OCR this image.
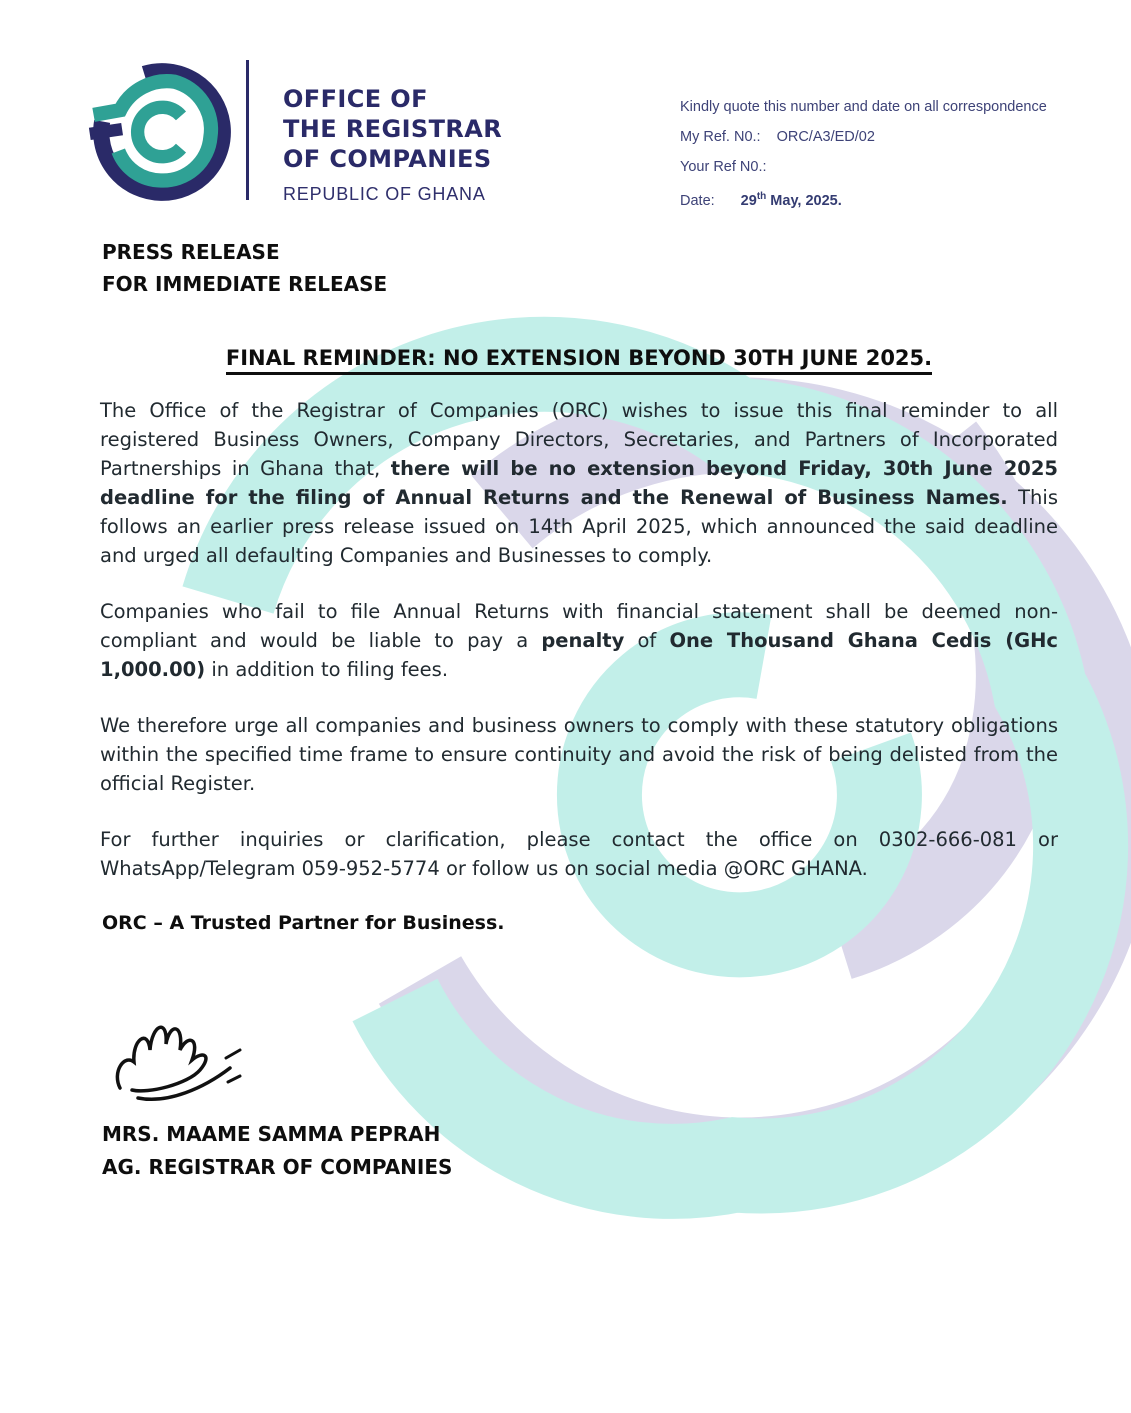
OFFICE OF
THE REGISTRAR
OF COMPANIES
REPUBLIC OF GHANA
Kindly quote this number and date on all correspondence
My Ref. N0.: ORC/A3/ED/02
Your Ref N0.:
Date: 29th May, 2025.
PRESS RELEASE
FOR IMMEDIATE RELEASE
FINAL REMINDER: NO EXTENSION BEYOND 30TH JUNE 2025.

The Office of the Registrar of Companies (ORC) wishes to issue this final reminder to all registered Business Owners, Company Directors, Secretaries, and Partners of Incorporated Partnerships in Ghana that, there will be no extension beyond Friday, 30th June 2025 deadline for the filing of Annual Returns and the Renewal of Business Names. This follows an earlier press release issued on 14th April 2025, which announced the said deadline and urged all defaulting Companies and Businesses to comply.

Companies who fail to file Annual Returns with financial statement shall be deemed non-compliant and would be liable to pay a penalty of One Thousand Ghana Cedis (GHc 1,000.00) in addition to filing fees.

We therefore urge all companies and business owners to comply with these statutory obligations within the specified time frame to ensure continuity and avoid the risk of being delisted from the official Register.

For further inquiries or clarification, please contact the office on 0302-666-081 or WhatsApp/Telegram 059-952-5774 or follow us on social media @ORC GHANA.

ORC – A Trusted Partner for Business.
MRS. MAAME SAMMA PEPRAH
AG. REGISTRAR OF COMPANIES
